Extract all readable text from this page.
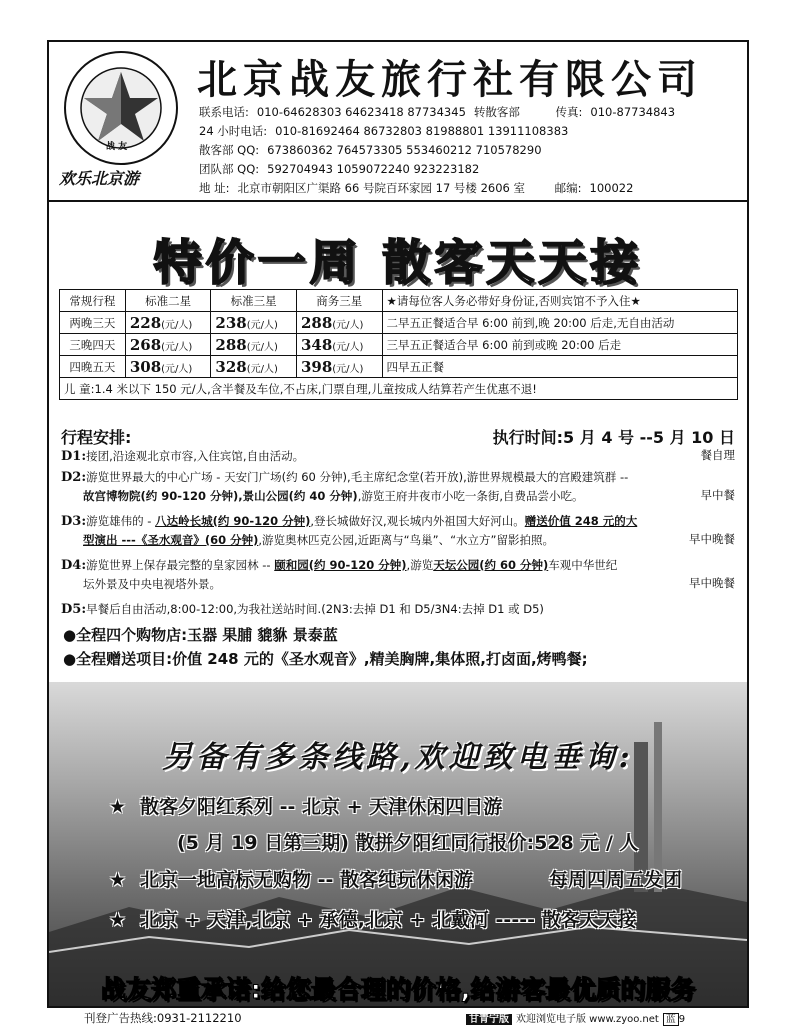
战 友
欢乐北京游
北京战友旅行社有限公司
联系电话: 010-64628303 64623418 87734345 转散客部	传真: 010-87734843
24 小时电话: 010-81692464 86732803 81988801 13911108383
散客部 QQ: 673860362 764573305 553460212 710578290
团队部 QQ: 592704943 1059072240 923223182
地 址: 北京市朝阳区广渠路 66 号院百环家园 17 号楼 2606 室	邮编: 100022
特价一周 散客天天接
常规行程	标准二星	标准三星	商务三星	★请每位客人务必带好身份证,否则宾馆不予入住★
两晚三天	228(元/人)	238(元/人)	288(元/人)	二早五正餐适合早 6:00 前到,晚 20:00 后走,无自由活动
三晚四天	268(元/人)	288(元/人)	348(元/人)	三早五正餐适合早 6:00 前到或晚 20:00 后走
四晚五天	308(元/人)	328(元/人)	398(元/人)	四早五正餐
儿 童:1.4 米以下 150 元/人,含半餐及车位,不占床,门票自理,儿童按成人结算若产生优惠不退!				
行程安排:	执行时间:5 月 4 号 --5 月 10 日
D1:接团,沿途观北京市容,入住宾馆,自由活动。	餐自理
D2:游览世界最大的中心广场 - 天安门广场(约 60 分钟),毛主席纪念堂(若开放),游世界规模最大的宫殿建筑群 --
故宫博物院(约 90-120 分钟),景山公园(约 40 分钟),游览王府井夜市小吃一条街,自费品尝小吃。	早中餐
D3:游览雄伟的 - 八达岭长城(约 90-120 分钟),登长城做好汉,观长城内外祖国大好河山。赠送价值 248 元的大
型演出 ---《圣水观音》(60 分钟),游览奥林匹克公园,近距离与“鸟巢”、“水立方”留影拍照。	早中晚餐
D4:游览世界上保存最完整的皇家园林 -- 颐和园(约 90-120 分钟),游览天坛公园(约 60 分钟)车观中华世纪
坛外景及中央电视塔外景。	早中晚餐
D5:早餐后自由活动,8:00-12:00,为我社送站时间.(2N3:去掉 D1 和 D5/3N4:去掉 D1 或 D5)
●全程四个购物店:玉器 果脯 貔貅 景泰蓝
●全程赠送项目:价值 248 元的《圣水观音》,精美胸牌,集体照,打卤面,烤鸭餐;
另备有多条线路,欢迎致电垂询:
★ 散客夕阳红系列 -- 北京 + 天津休闲四日游
(5 月 19 日第三期) 散拼夕阳红同行报价:528 元 / 人
★ 北京一地高标无购物 -- 散客纯玩休闲游	每周四周五发团
★ 北京 + 天津,北京 + 承德,北京 + 北戴河 ----- 散客天天接
战友郑重承诺:给您最合理的价格,给游客最优质的服务
刊登广告热线:0931-2112210	甘青宁版 欢迎浏览电子版 www.zyoo.net 蓝 9
